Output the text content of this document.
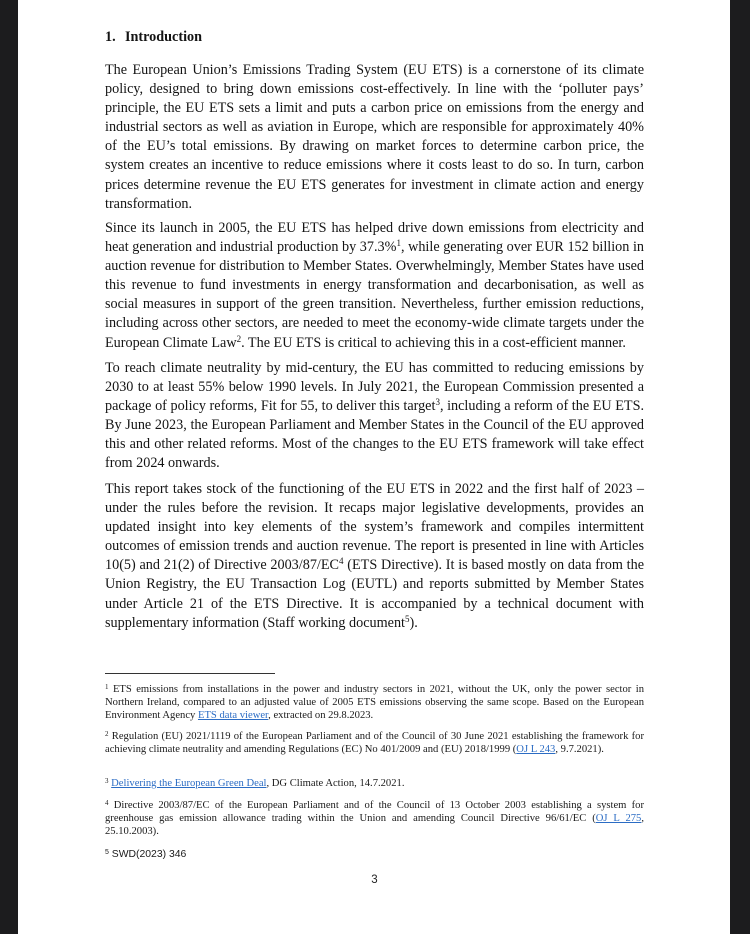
1. Introduction

The European Union’s Emissions Trading System (EU ETS) is a cornerstone of its climate policy, designed to bring down emissions cost-effectively. In line with the ‘polluter pays’ principle, the EU ETS sets a limit and puts a carbon price on emissions from the energy and industrial sectors as well as aviation in Europe, which are responsible for approximately 40% of the EU’s total emissions. By drawing on market forces to determine carbon price, the system creates an incentive to reduce emissions where it costs least to do so. In turn, carbon prices determine revenue the EU ETS generates for investment in climate action and energy transformation.

Since its launch in 2005, the EU ETS has helped drive down emissions from electricity and heat generation and industrial production by 37.3%$^1$, while generating over EUR 152 billion in auction revenue for distribution to Member States. Overwhelmingly, Member States have used this revenue to fund investments in energy transformation and decarbonisation, as well as social measures in support of the green transition. Nevertheless, further emission reductions, including across other sectors, are needed to meet the economy-wide climate targets under the European Climate Law$^2$. The EU ETS is critical to achieving this in a cost-efficient manner.

To reach climate neutrality by mid-century, the EU has committed to reducing emissions by 2030 to at least 55% below 1990 levels. In July 2021, the European Commission presented a package of policy reforms, Fit for 55, to deliver this target$^3$, including a reform of the EU ETS. By June 2023, the European Parliament and Member States in the Council of the EU approved this and other related reforms. Most of the changes to the EU ETS framework will take effect from 2024 onwards.

This report takes stock of the functioning of the EU ETS in 2022 and the first half of 2023 – under the rules before the revision. It recaps major legislative developments, provides an updated insight into key elements of the system’s framework and compiles intermittent outcomes of emission trends and auction revenue. The report is presented in line with Articles 10(5) and 21(2) of Directive $2003/87/EC^4$ (ETS Directive). It is based mostly on data from the Union Registry, the EU Transaction Log (EUTL) and reports submitted by Member States under Article 21 of the ETS Directive. It is accompanied by a technical document with supplementary information (Staff working document$^5$).

$^1$ ETS emissions from installations in the power and industry sectors in 2021, without the UK, only the power sector in Northern Ireland, compared to an adjusted value of 2005 ETS emissions observing the same scope. Based on the European Environment Agency ETS data viewer, extracted on 29.8.2023.
$^2$ Regulation (EU) 2021/1119 of the European Parliament and of the Council of 30 June 2021 establishing the framework for achieving climate neutrality and amending Regulations (EC) No 401/2009 and (EU) 2018/1999 (OJ L 243, 9.7.2021).
$^3$ Delivering the European Green Deal, DG Climate Action, 14.7.2021.
$^4$ Directive 2003/87/EC of the European Parliament and of the Council of 13 October 2003 establishing a system for greenhouse gas emission allowance trading within the Union and amending Council Directive 96/61/EC (OJ L 275, 25.10.2003).
$^5$ SWD(2023) 346
3
